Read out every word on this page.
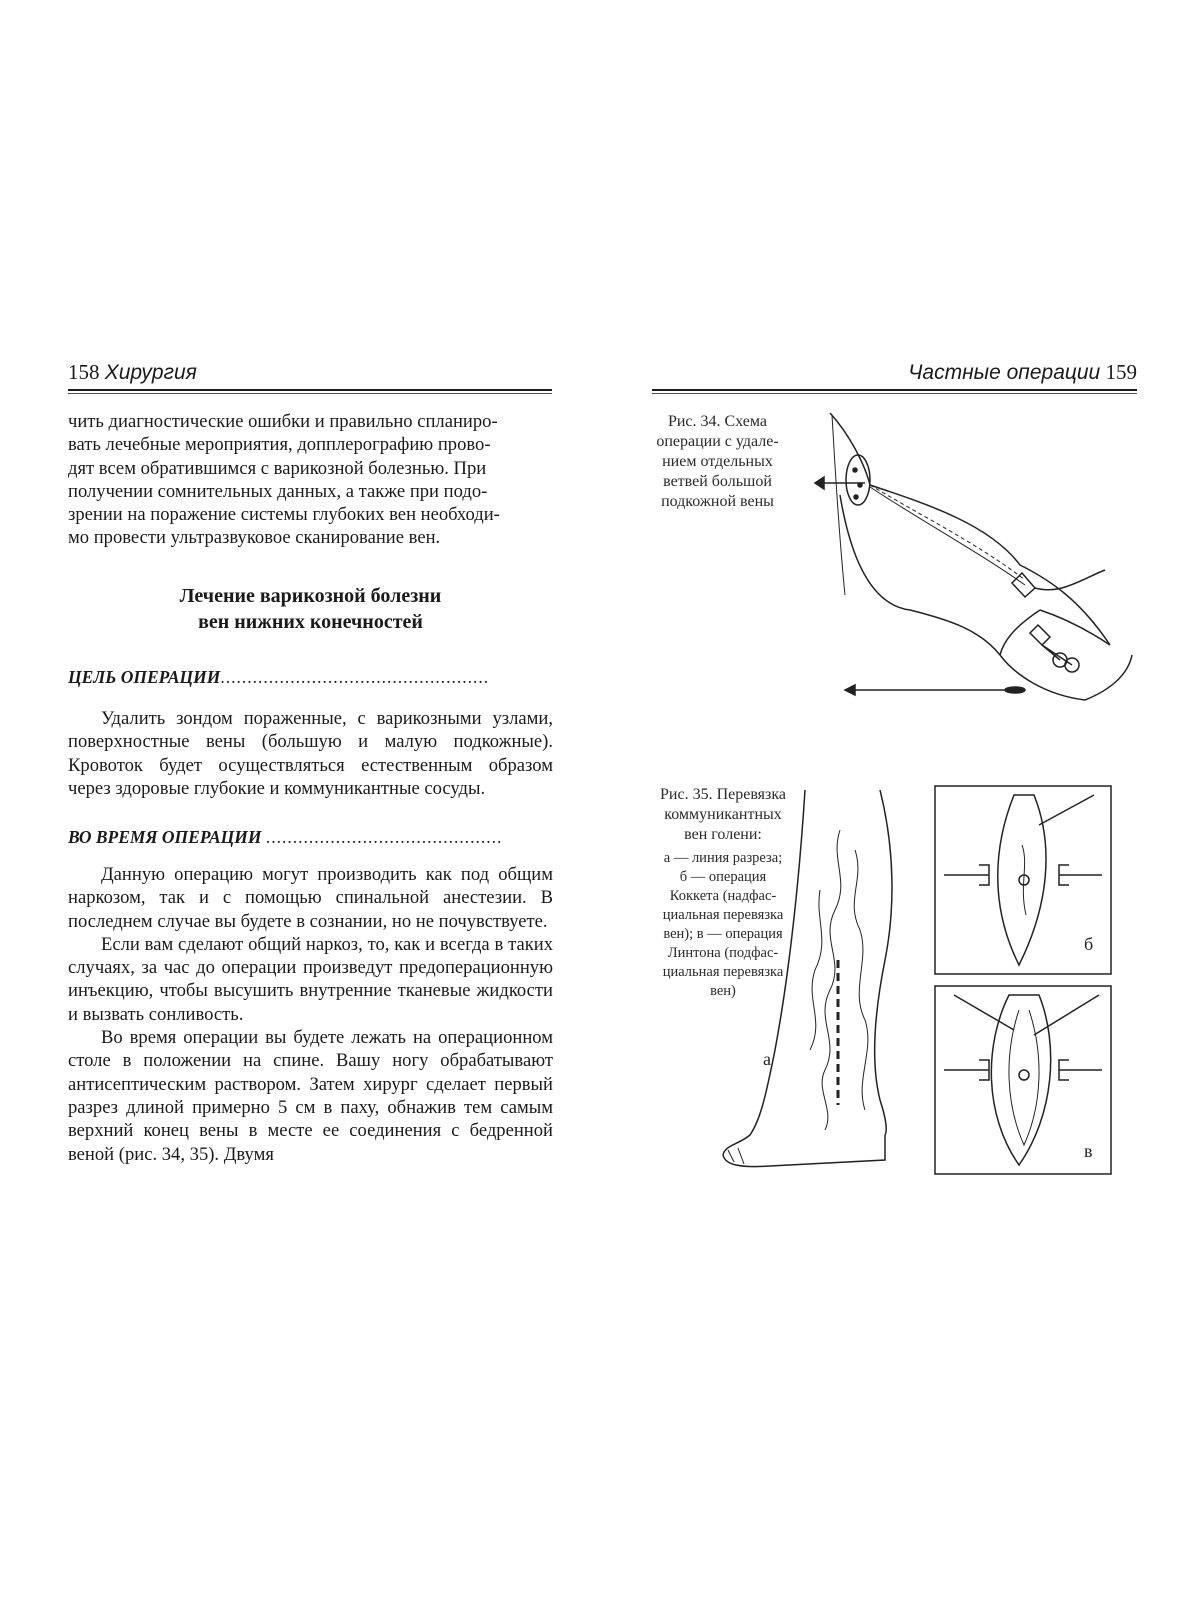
158 Хирургия
чить диагностические ошибки и правильно спланиро-
вать лечебные мероприятия, допплерографию прово-
дят всем обратившимся с варикозной болезнью. При
получении сомнительных данных, а также при подо-
зрении на поражение системы глубоких вен необходи-
мо провести ультразвуковое сканирование вен.
Лечение варикозной болезни
вен нижних конечностей
ЦЕЛЬ ОПЕРАЦИИ..................................................

Удалить зондом пораженные, с варикозными узлами, поверхностные вены (большую и малую подкожные). Кровоток будет осуществляться естественным образом через здоровые глубокие и коммуникантные сосуды.

ВО ВРЕМЯ ОПЕРАЦИИ ............................................

Данную операцию могут производить как под общим наркозом, так и с помощью спинальной анестезии. В последнем случае вы будете в сознании, но не почувствуете.

Если вам сделают общий наркоз, то, как и всегда в таких случаях, за час до операции произведут предоперационную инъекцию, чтобы высушить внутренние тканевые жидкости и вызвать сонливость.

Во время операции вы будете лежать на операционном столе в положении на спине. Вашу ногу обрабатывают антисептическим раствором. Затем хирург сделает первый разрез длиной примерно 5 см в паху, обнажив тем самым верхний конец вены в месте ее соединения с бедренной веной (рис. 34, 35). Двумя

Частные операции 159
Рис. 34. Схема
операции с удале-
нием отдельных
ветвей большой
подкожной вены
Рис. 35. Перевязка
коммуникантных
вен голени:
а — линия разреза;
б — операция
Коккета (надфас-
циальная перевязка
вен); в — операция
Линтона (подфас-
циальная перевязка
вен)
а
б
в
